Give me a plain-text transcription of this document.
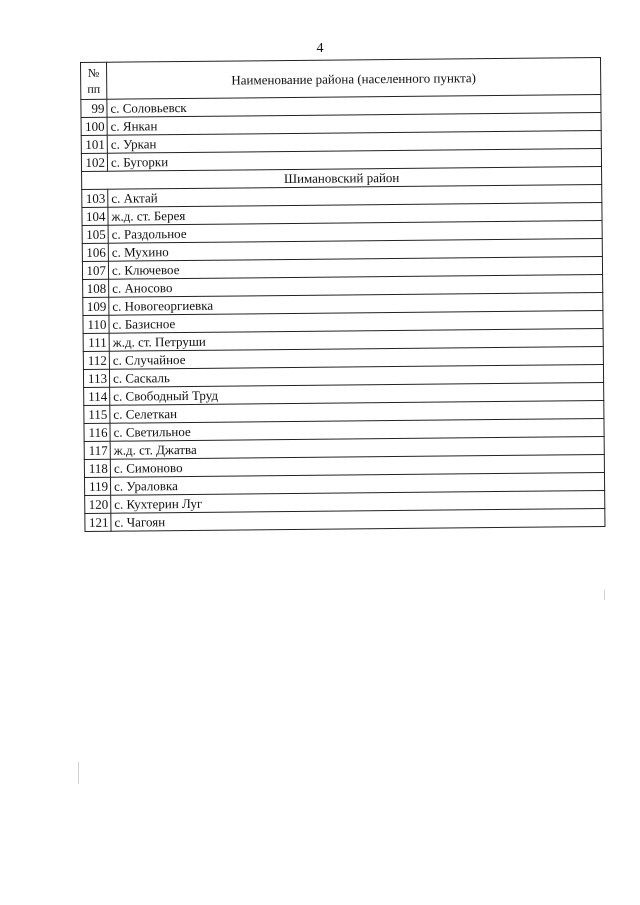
4
№
пп	Наименование района (населенного пункта)
99	с. Соловьевск
100	с. Янкан
101	с. Уркан
102	с. Бугорки
Шимановский район	
103	с. Актай
104	ж.д. ст. Берея
105	с. Раздольное
106	с. Мухино
107	с. Ключевое
108	с. Аносово
109	с. Новогеоргиевка
110	с. Базисное
111	ж.д. ст. Петруши
112	с. Случайное
113	с. Саскаль
114	с. Свободный Труд
115	с. Селеткан
116	с. Светильное
117	ж.д. ст. Джатва
118	с. Симоново
119	с. Ураловка
120	с. Кухтерин Луг
121	с. Чагоян
